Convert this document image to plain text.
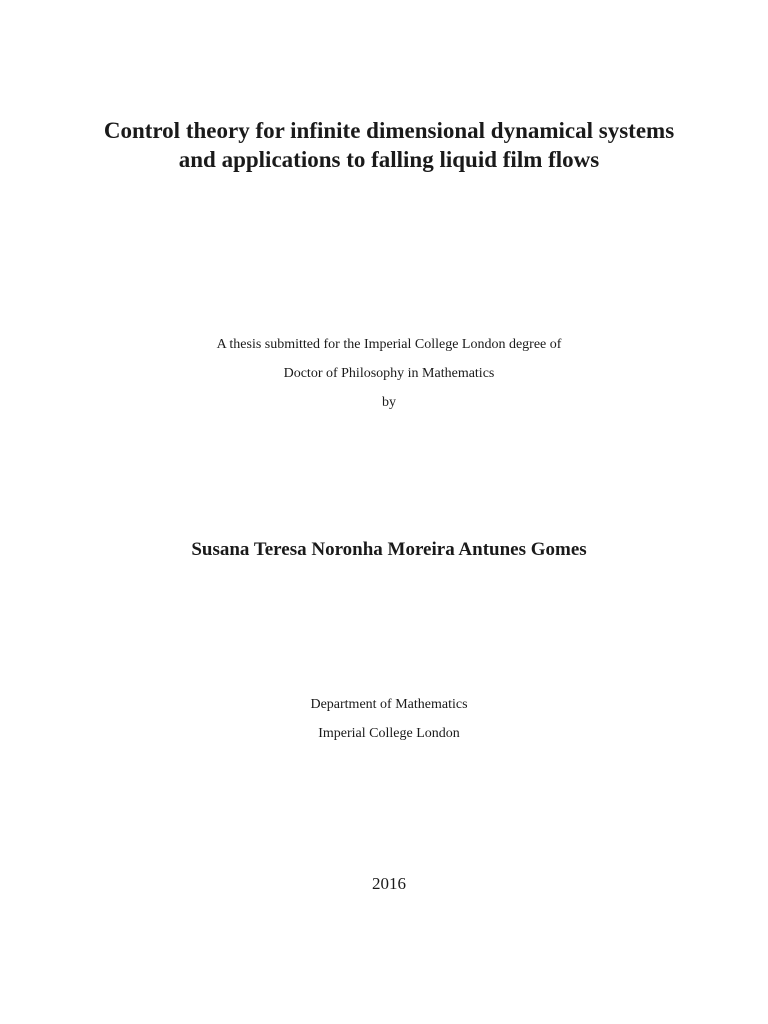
Control theory for infinite dimensional dynamical systems and applications to falling liquid film flows

A thesis submitted for the Imperial College London degree of

Doctor of Philosophy in Mathematics

by

Susana Teresa Noronha Moreira Antunes Gomes

Department of Mathematics

Imperial College London

2016
